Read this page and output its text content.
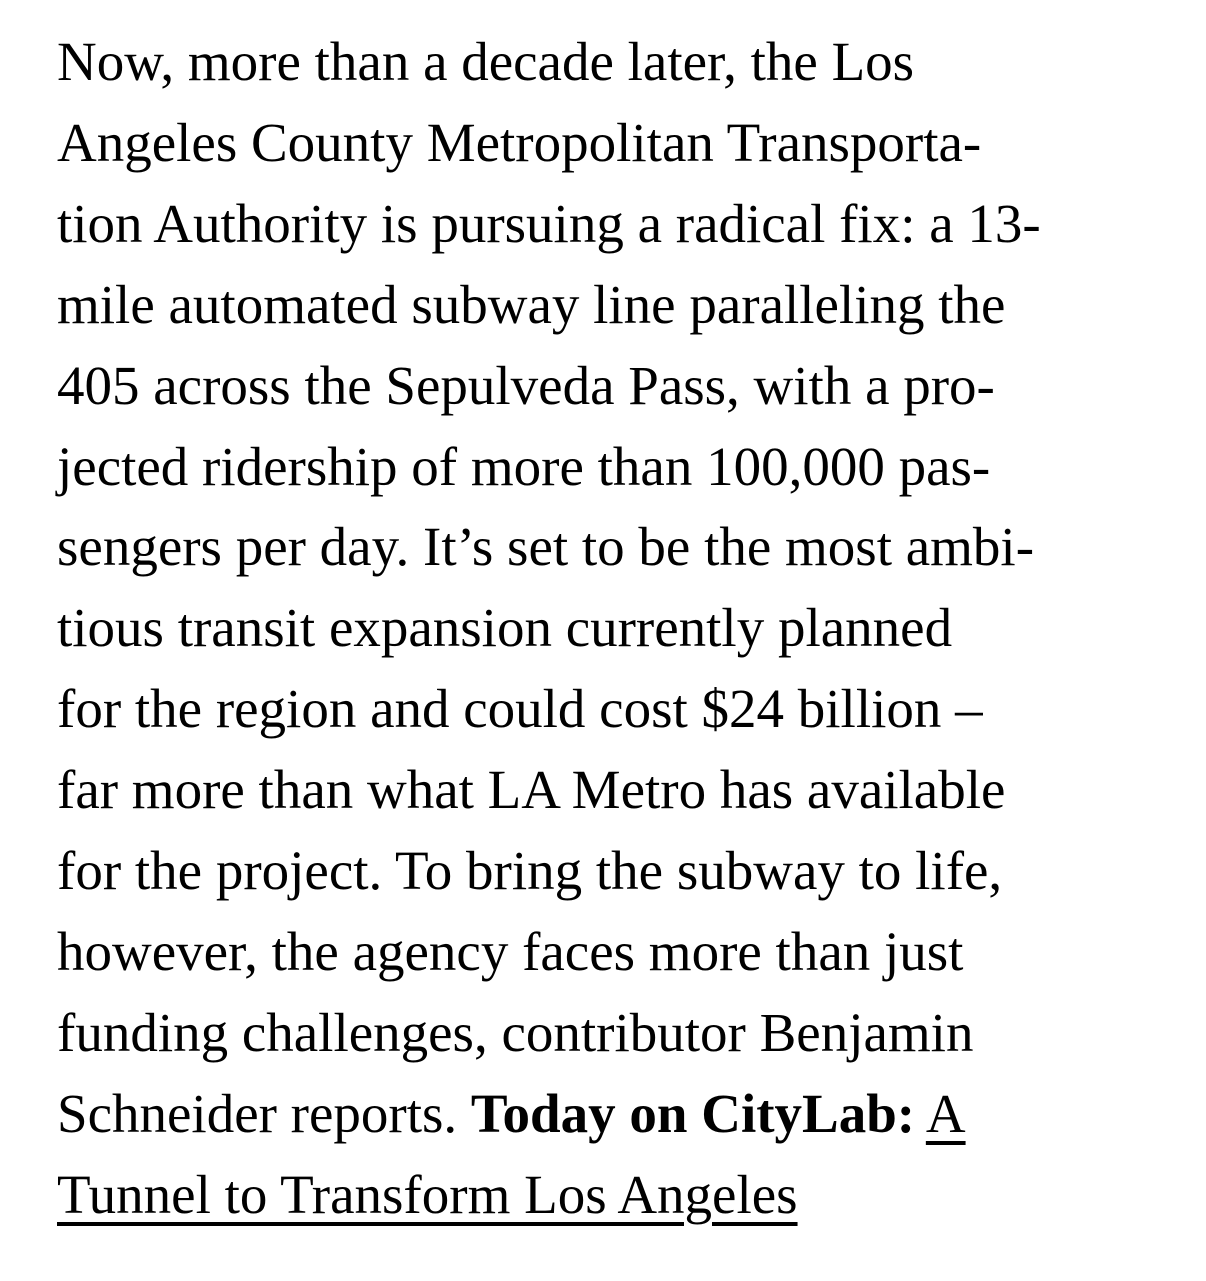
Now, more than a decade later, the Los
Angeles County Metropolitan Transporta-
tion Authority is pursuing a radical fix: a 13-
mile automated subway line paralleling the
405 across the Sepulveda Pass, with a pro-
jected ridership of more than 100,000 pas-
sengers per day. It’s set to be the most ambi-
tious transit expansion currently planned
for the region and could cost $24 billion –
far more than what LA Metro has available
for the project. To bring the subway to life,
however, the agency faces more than just
funding challenges, contributor Benjamin
Schneider reports. Today on CityLab: A
Tunnel to Transform Los Angeles
